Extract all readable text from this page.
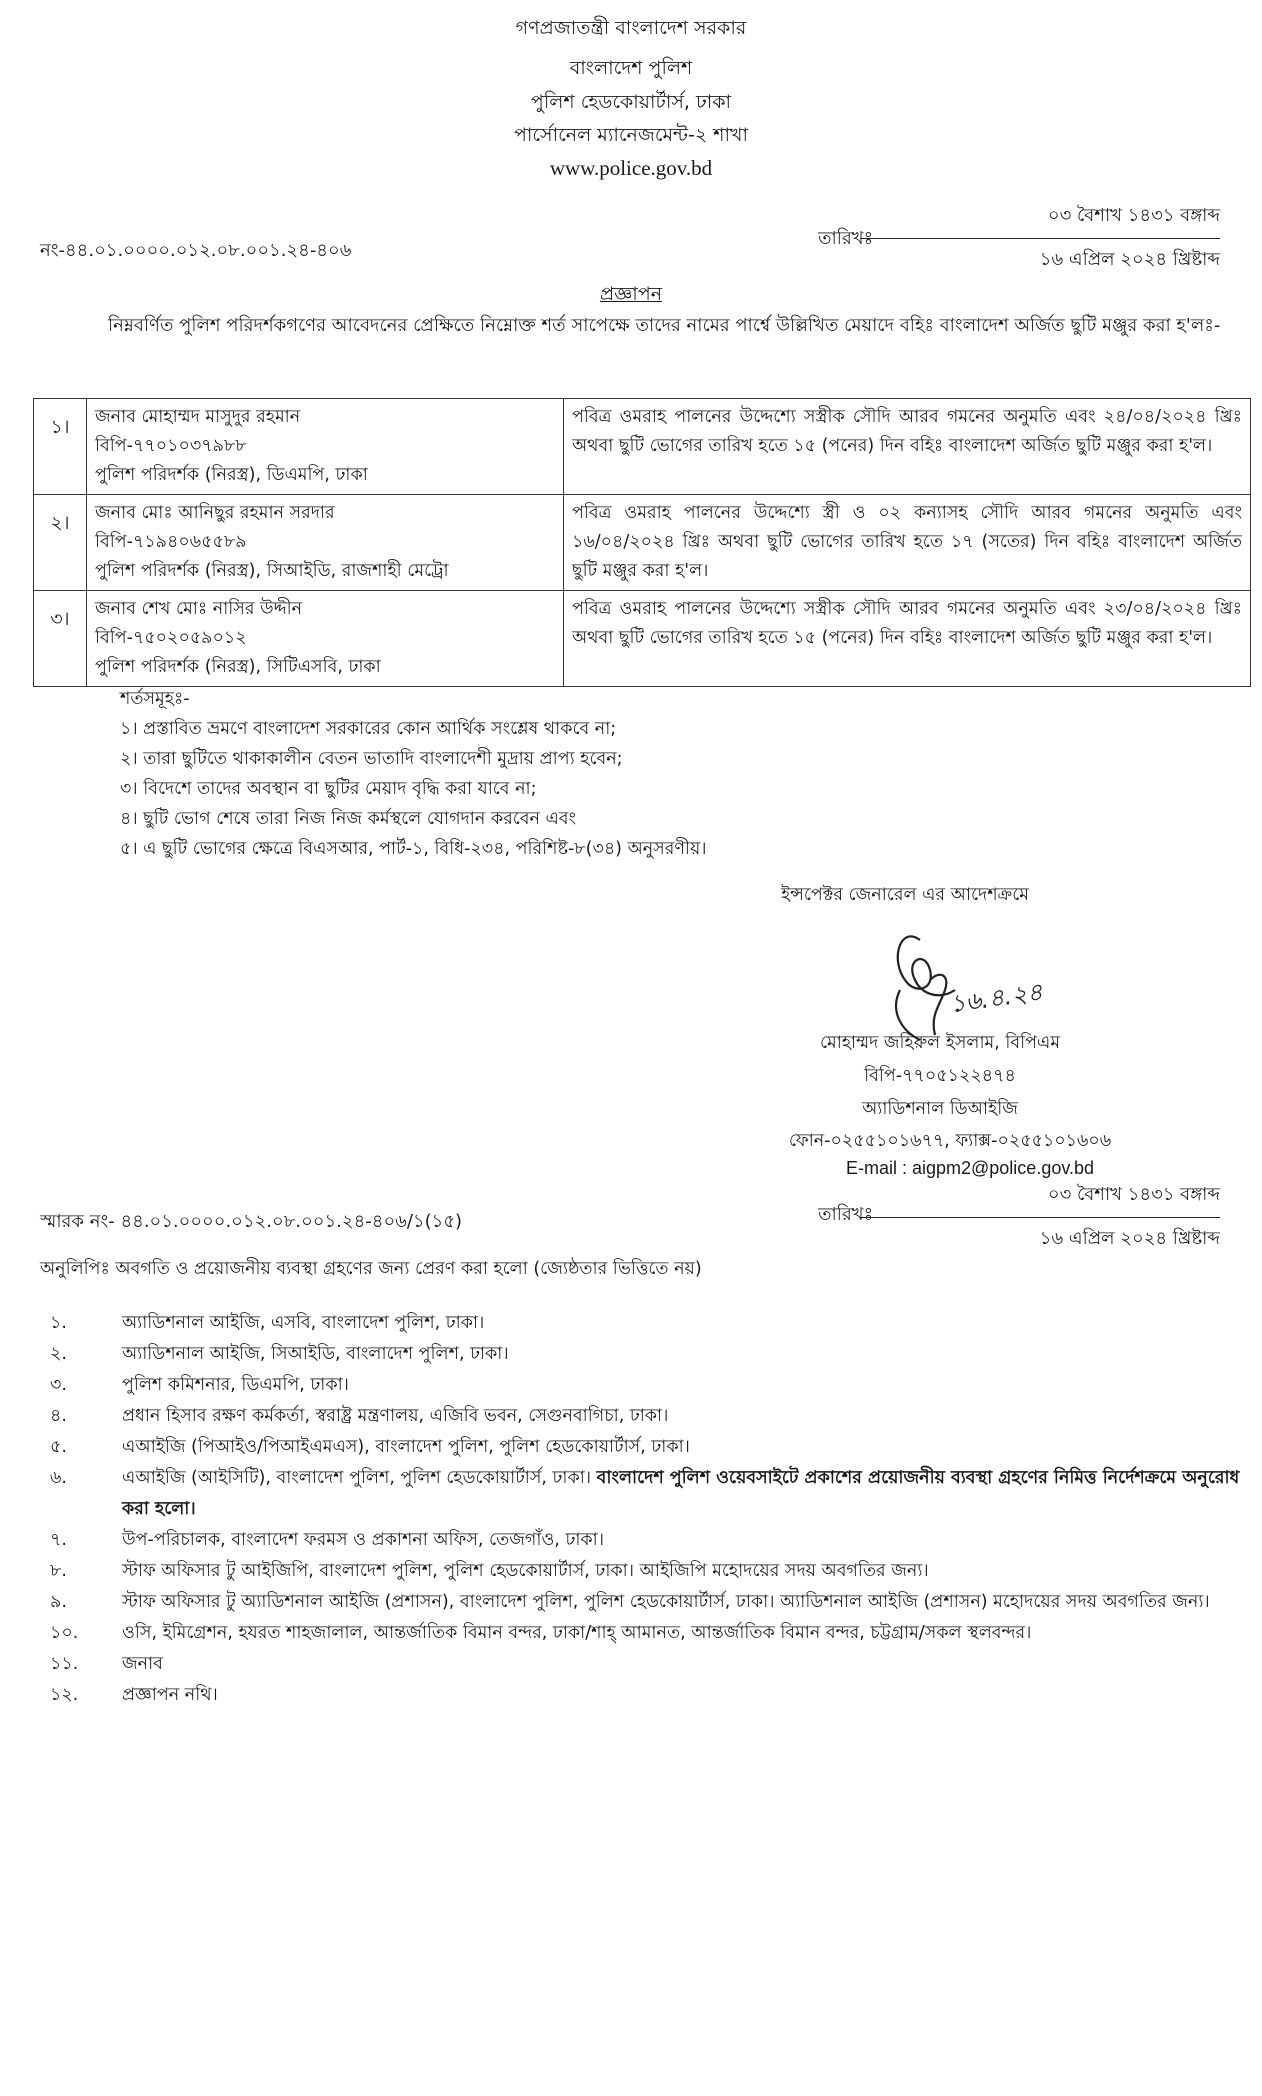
গণপ্রজাতন্ত্রী বাংলাদেশ সরকার
বাংলাদেশ পুলিশ
পুলিশ হেডকোয়ার্টার্স, ঢাকা
পার্সোনেল ম্যানেজমেন্ট-২ শাখা
www.police.gov.bd
নং-৪৪.০১.০০০০.০১২.০৮.০০১.২৪-৪০৬
তারিখঃ
০৩ বৈশাখ ১৪৩১ বঙ্গাব্দ
১৬ এপ্রিল ২০২৪ খ্রিষ্টাব্দ
প্রজ্ঞাপন
নিম্নবর্ণিত পুলিশ পরিদর্শকগণের আবেদনের প্রেক্ষিতে নিম্নোক্ত শর্ত সাপেক্ষে তাদের নামের পার্শ্বে উল্লিখিত মেয়াদে বহিঃ বাংলাদেশ অর্জিত ছুটি মঞ্জুর করা হ'লঃ-
১।	জনাব মোহাম্মদ মাসুদুর রহমান
বিপি-৭৭০১০৩৭৯৮৮
পুলিশ পরিদর্শক (নিরস্ত্র), ডিএমপি, ঢাকা	পবিত্র ওমরাহ পালনের উদ্দেশ্যে সস্ত্রীক সৌদি আরব গমনের অনুমতি এবং ২৪/০৪/২০২৪ খ্রিঃ অথবা ছুটি ভোগের তারিখ হতে ১৫ (পনের) দিন বহিঃ বাংলাদেশ অর্জিত ছুটি মঞ্জুর করা হ'ল।
২।	জনাব মোঃ আনিছুর রহমান সরদার
বিপি-৭১৯৪০৬৫৫৮৯
পুলিশ পরিদর্শক (নিরস্ত্র), সিআইডি, রাজশাহী মেট্রো	পবিত্র ওমরাহ পালনের উদ্দেশ্যে স্ত্রী ও ০২ কন্যাসহ সৌদি আরব গমনের অনুমতি এবং ১৬/০৪/২০২৪ খ্রিঃ অথবা ছুটি ভোগের তারিখ হতে ১৭ (সতের) দিন বহিঃ বাংলাদেশ অর্জিত ছুটি মঞ্জুর করা হ'ল।
৩।	জনাব শেখ মোঃ নাসির উদ্দীন
বিপি-৭৫০২০৫৯০১২
পুলিশ পরিদর্শক (নিরস্ত্র), সিটিএসবি, ঢাকা	পবিত্র ওমরাহ পালনের উদ্দেশ্যে সস্ত্রীক সৌদি আরব গমনের অনুমতি এবং ২৩/০৪/২০২৪ খ্রিঃ অথবা ছুটি ভোগের তারিখ হতে ১৫ (পনের) দিন বহিঃ বাংলাদেশ অর্জিত ছুটি মঞ্জুর করা হ'ল।
শর্তসমূহঃ-
১। প্রস্তাবিত ভ্রমণে বাংলাদেশ সরকারের কোন আর্থিক সংশ্লেষ থাকবে না;
২। তারা ছুটিতে থাকাকালীন বেতন ভাতাদি বাংলাদেশী মুদ্রায় প্রাপ্য হবেন;
৩। বিদেশে তাদের অবস্থান বা ছুটির মেয়াদ বৃদ্ধি করা যাবে না;
৪। ছুটি ভোগ শেষে তারা নিজ নিজ কর্মস্থলে যোগদান করবেন এবং
৫। এ ছুটি ভোগের ক্ষেত্রে বিএসআর, পার্ট-১, বিধি-২৩৪, পরিশিষ্ট-৮(৩৪) অনুসরণীয়।
ইন্সপেক্টর জেনারেল এর আদেশক্রমে
১৬.৪.২৪
মোহাম্মদ জহিরুল ইসলাম, বিপিএম
বিপি-৭৭০৫১২২৪৭৪
অ্যাডিশনাল ডিআইজি
ফোন-০২৫৫১০১৬৭৭, ফ্যাক্স-০২৫৫১০১৬০৬
E-mail : aigpm2@police.gov.bd
স্মারক নং- ৪৪.০১.০০০০.০১২.০৮.০০১.২৪-৪০৬/১(১৫)	তারিখঃ
০৩ বৈশাখ ১৪৩১ বঙ্গাব্দ
১৬ এপ্রিল ২০২৪ খ্রিষ্টাব্দ
অনুলিপিঃ অবগতি ও প্রয়োজনীয় ব্যবস্থা গ্রহণের জন্য প্রেরণ করা হলো (জ্যেষ্ঠতার ভিত্তিতে নয়)
১.	অ্যাডিশনাল আইজি, এসবি, বাংলাদেশ পুলিশ, ঢাকা।
২.	অ্যাডিশনাল আইজি, সিআইডি, বাংলাদেশ পুলিশ, ঢাকা।
৩.	পুলিশ কমিশনার, ডিএমপি, ঢাকা।
৪.	প্রধান হিসাব রক্ষণ কর্মকর্তা, স্বরাষ্ট্র মন্ত্রণালয়, এজিবি ভবন, সেগুনবাগিচা, ঢাকা।
৫.	এআইজি (পিআইও/পিআইএমএস), বাংলাদেশ পুলিশ, পুলিশ হেডকোয়ার্টার্স, ঢাকা।
৬.	এআইজি (আইসিটি), বাংলাদেশ পুলিশ, পুলিশ হেডকোয়ার্টার্স, ঢাকা। বাংলাদেশ পুলিশ ওয়েবসাইটে প্রকাশের প্রয়োজনীয় ব্যবস্থা গ্রহণের নিমিত্ত নির্দেশক্রমে অনুরোধ করা হলো।
৭.	উপ-পরিচালক, বাংলাদেশ ফরমস ও প্রকাশনা অফিস, তেজগাঁও, ঢাকা।
৮.	স্টাফ অফিসার টু আইজিপি, বাংলাদেশ পুলিশ, পুলিশ হেডকোয়ার্টার্স, ঢাকা। আইজিপি মহোদয়ের সদয় অবগতির জন্য।
৯.	স্টাফ অফিসার টু অ্যাডিশনাল আইজি (প্রশাসন), বাংলাদেশ পুলিশ, পুলিশ হেডকোয়ার্টার্স, ঢাকা। অ্যাডিশনাল আইজি (প্রশাসন) মহোদয়ের সদয় অবগতির জন্য।
১০.	ওসি, ইমিগ্রেশন, হযরত শাহজালাল, আন্তর্জাতিক বিমান বন্দর, ঢাকা/শাহ্ আমানত, আন্তর্জাতিক বিমান বন্দর, চট্টগ্রাম/সকল স্থলবন্দর।
১১.	জনাব
১২.	প্রজ্ঞাপন নথি।
